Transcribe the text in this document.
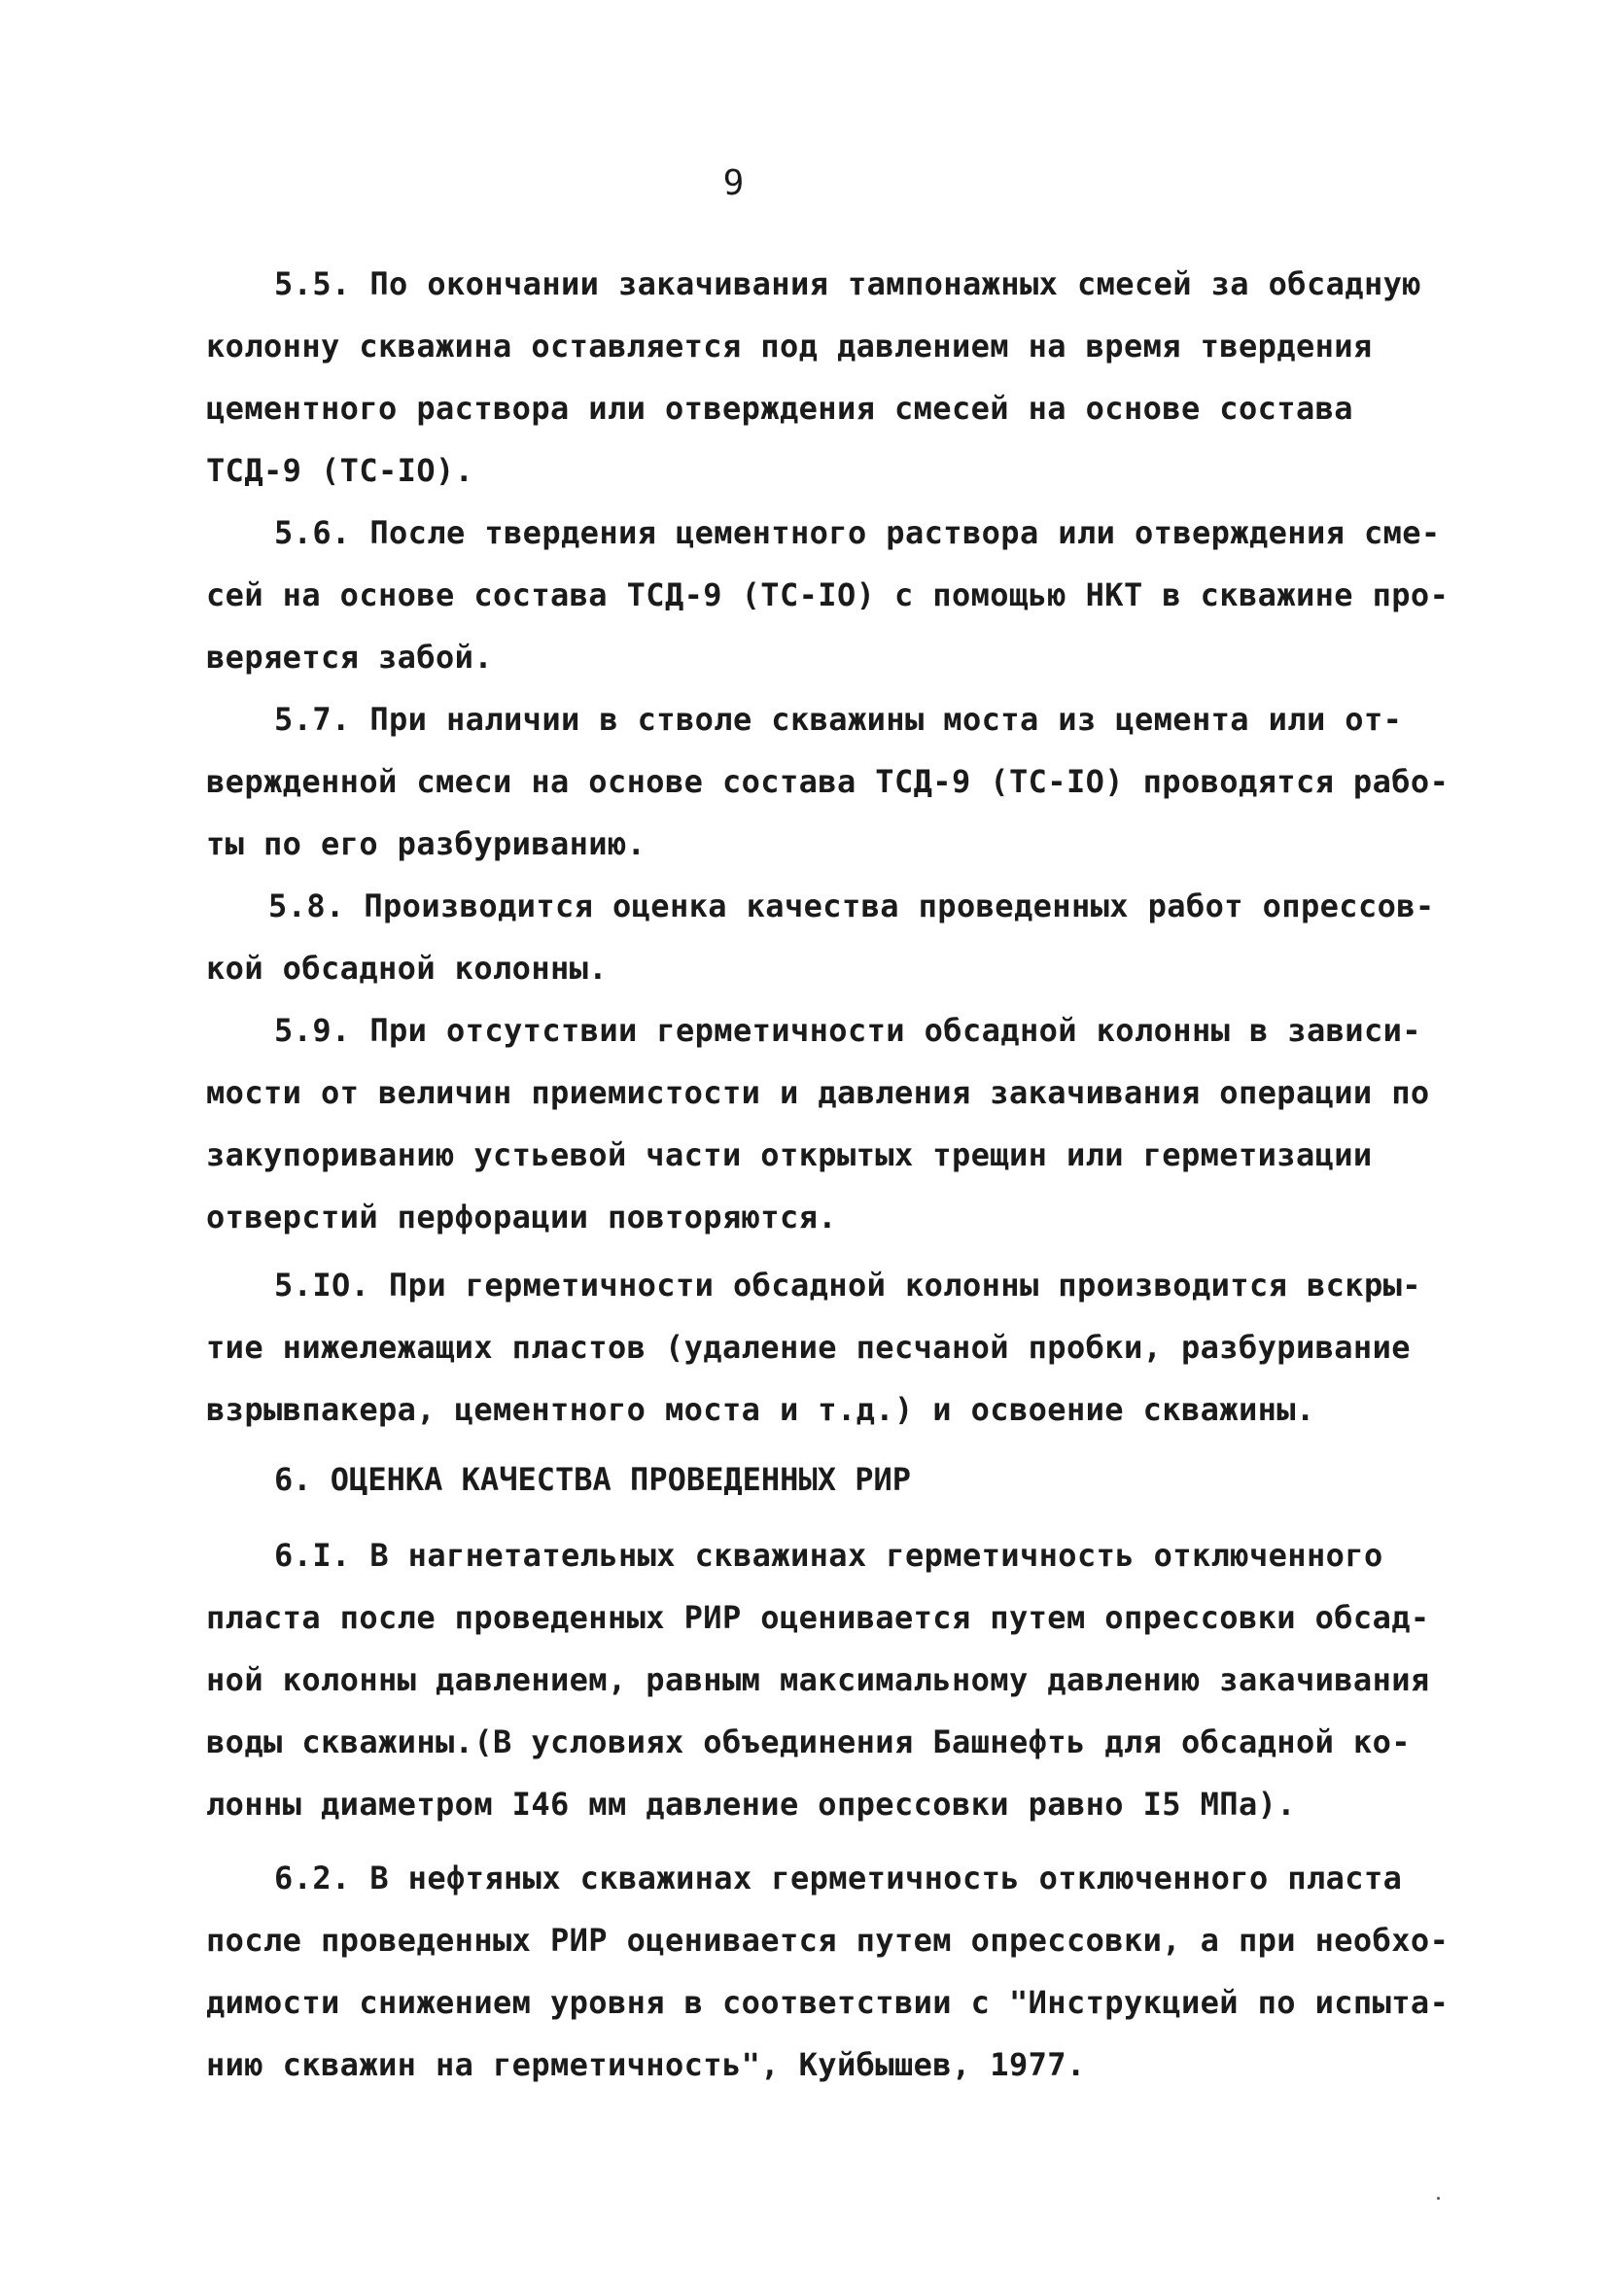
9
5.5. По окончании закачивания тампонажных смесей за обсадную
колонну скважина оставляется под давлением на время твердения
цементного раствора или отверждения смесей на основе состава
ТСД-9 (ТС-IO).
5.6. После твердения цементного раствора или отверждения сме-
сей на основе состава ТСД-9 (ТС-IO) с помощью НКТ в скважине про-
веряется забой.
5.7. При наличии в стволе скважины моста из цемента или от-
вержденной смеси на основе состава ТСД-9 (ТС-IO) проводятся рабо-
ты по его разбуриванию.
5.8. Производится оценка качества проведенных работ опрессов-
кой обсадной колонны.
5.9. При отсутствии герметичности обсадной колонны в зависи-
мости от величин приемистости и давления закачивания операции по
закупориванию устьевой части открытых трещин или герметизации
отверстий перфорации повторяются.
5.IO. При герметичности обсадной колонны производится вскры-
тие нижележащих пластов (удаление песчаной пробки, разбуривание
взрывпакера, цементного моста и т.д.) и освоение скважины.
6. ОЦЕНКА КАЧЕСТВА ПРОВЕДЕННЫХ РИР
6.I. В нагнетательных скважинах герметичность отключенного
пласта после проведенных РИР оценивается путем опрессовки обсад-
ной колонны давлением, равным максимальному давлению закачивания
воды скважины.(В условиях объединения Башнефть для обсадной ко-
лонны диаметром I46 мм давление опрессовки равно I5 МПа).
6.2. В нефтяных скважинах герметичность отключенного пласта
после проведенных РИР оценивается путем опрессовки, а при необхо-
димости снижением уровня в соответствии с "Инструкцией по испыта-
нию скважин на герметичность", Куйбышев, 1977.
